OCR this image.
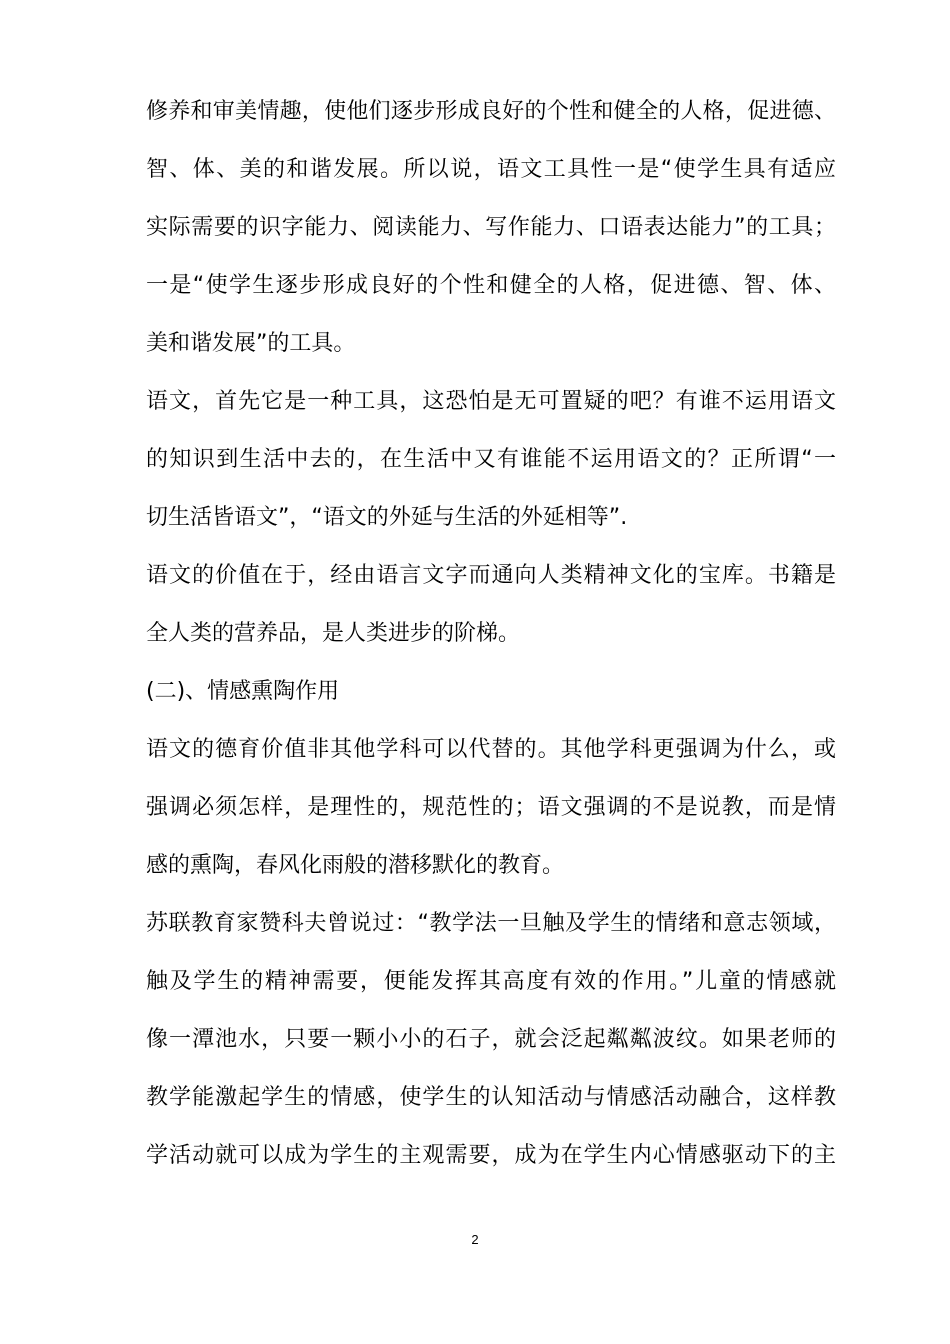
修养和审美情趣，使他们逐步形成良好的个性和健全的人格，促进德、
智、体、美的和谐发展。所以说，语文工具性一是“使学生具有适应
实际需要的识字能力、阅读能力、写作能力、口语表达能力”的工具；
一是“使学生逐步形成良好的个性和健全的人格，促进德、智、体、
美和谐发展”的工具。
语文，首先它是一种工具，这恐怕是无可置疑的吧？有谁不运用语文
的知识到生活中去的，在生活中又有谁能不运用语文的？正所谓“一
切生活皆语文”，“语文的外延与生活的外延相等”.
语文的价值在于，经由语言文字而通向人类精神文化的宝库。书籍是
全人类的营养品，是人类进步的阶梯。
(二)、情感熏陶作用
语文的德育价值非其他学科可以代替的。其他学科更强调为什么，或
强调必须怎样，是理性的，规范性的；语文强调的不是说教，而是情
感的熏陶，春风化雨般的潜移默化的教育。
苏联教育家赞科夫曾说过：“教学法一旦触及学生的情绪和意志领域，
触及学生的精神需要，便能发挥其高度有效的作用。”儿童的情感就
像一潭池水，只要一颗小小的石子，就会泛起粼粼波纹。如果老师的
教学能激起学生的情感，使学生的认知活动与情感活动融合，这样教
学活动就可以成为学生的主观需要，成为在学生内心情感驱动下的主
2
